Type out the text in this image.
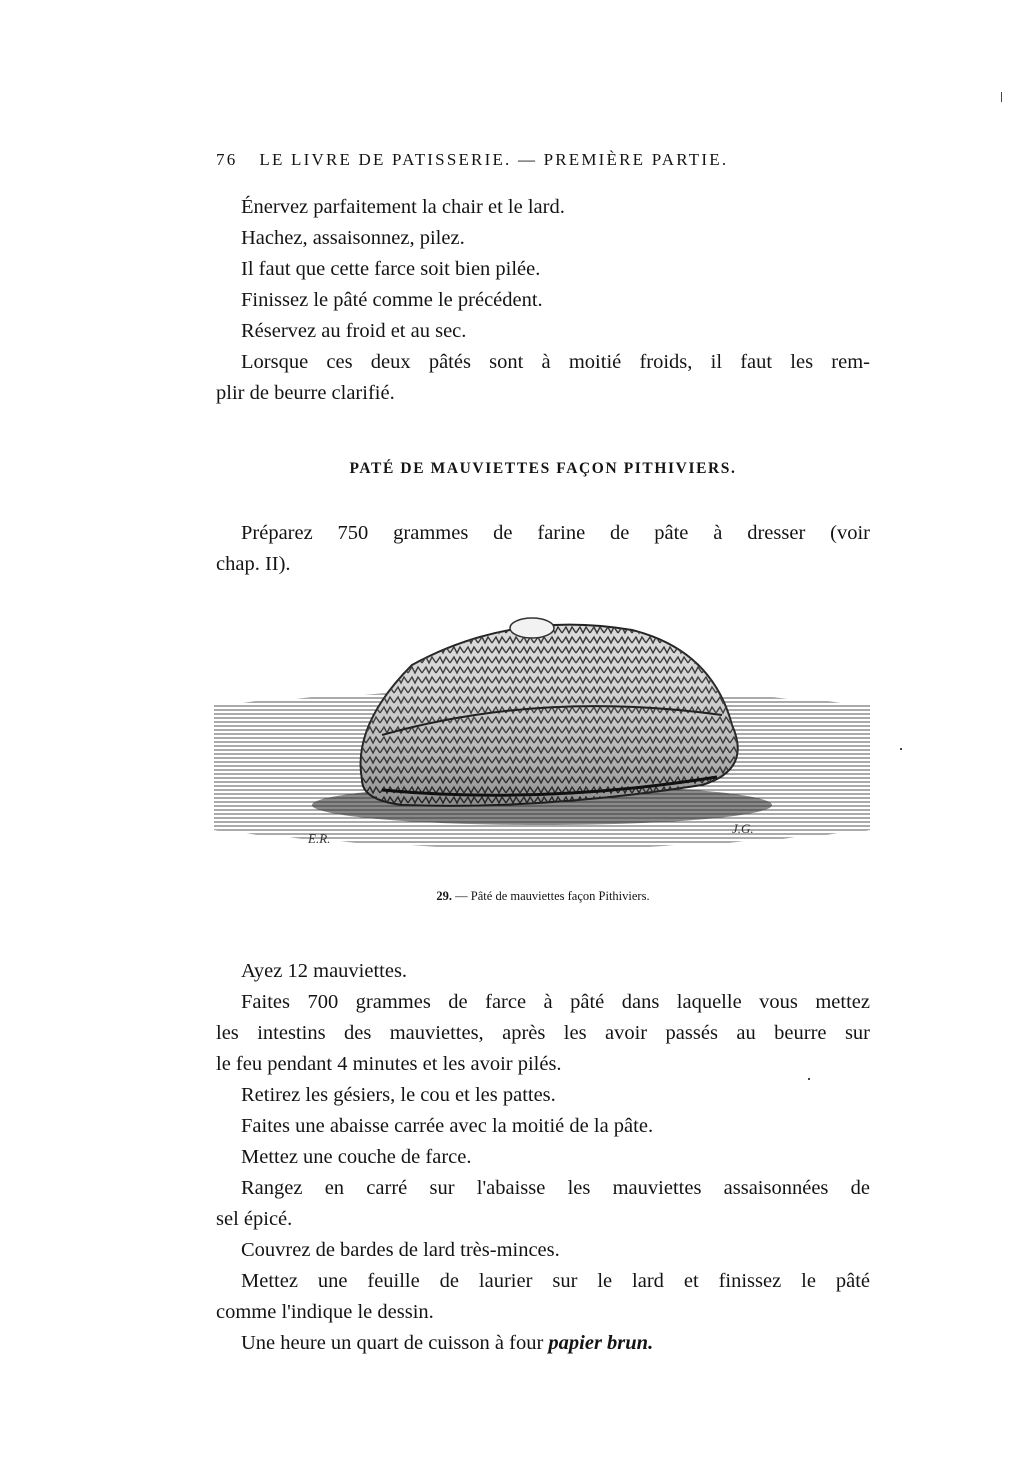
76 LE LIVRE DE PATISSERIE. — PREMIÈRE PARTIE.
Énervez parfaitement la chair et le lard.
Hachez, assaisonnez, pilez.
Il faut que cette farce soit bien pilée.
Finissez le pâté comme le précédent.
Réservez au froid et au sec.
Lorsque ces deux pâtés sont à moitié froids, il faut les rem-
plir de beurre clarifié.
PATÉ DE MAUVIETTES FAÇON PITHIVIERS.
Préparez 750 grammes de farine de pâte à dresser (voir
chap. II).
E.R.
J.G.
29. — Pâté de mauviettes façon Pithiviers.
Ayez 12 mauviettes.
Faites 700 grammes de farce à pâté dans laquelle vous mettez
les intestins des mauviettes, après les avoir passés au beurre sur
le feu pendant 4 minutes et les avoir pilés.
Retirez les gésiers, le cou et les pattes.
Faites une abaisse carrée avec la moitié de la pâte.
Mettez une couche de farce.
Rangez en carré sur l'abaisse les mauviettes assaisonnées de
sel épicé.
Couvrez de bardes de lard très-minces.
Mettez une feuille de laurier sur le lard et finissez le pâté
comme l'indique le dessin.
Une heure un quart de cuisson à four papier brun.
